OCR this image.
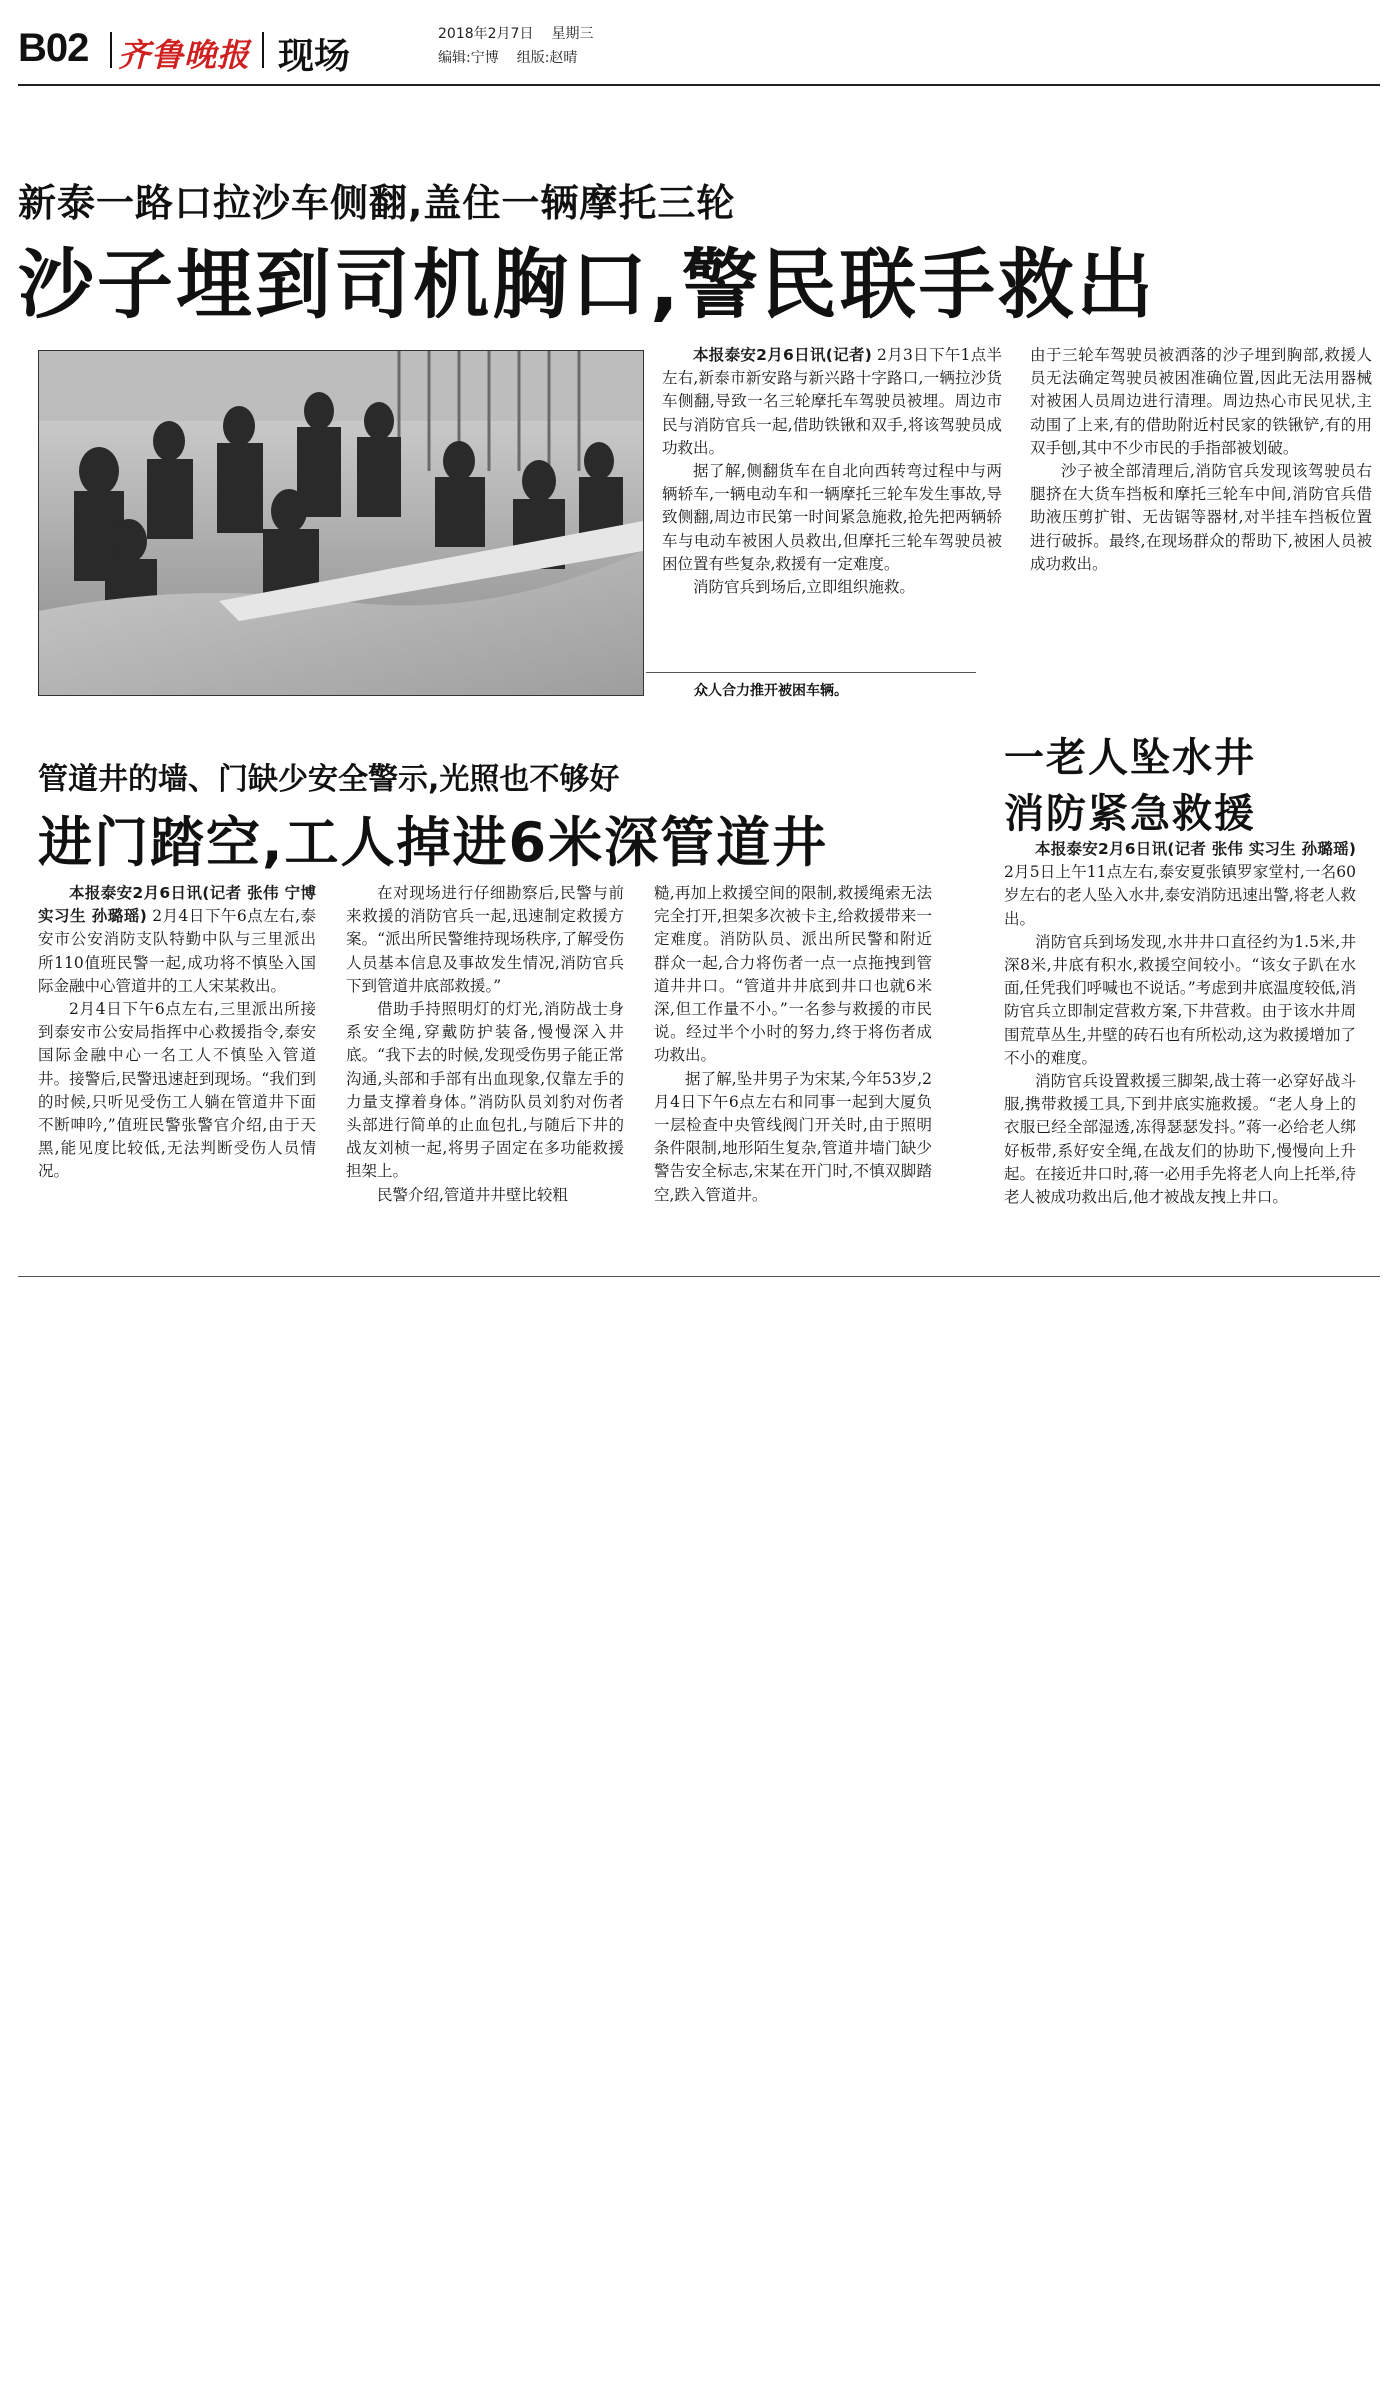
B02 齐鲁晚报 现场
2018年2月7日 星期三
编辑:宁博 组版:赵晴
新泰一路口拉沙车侧翻,盖住一辆摩托三轮
沙子埋到司机胸口,警民联手救出
众人合力推开被困车辆。

本报泰安2月6日讯(记者) 2月3日下午1点半左右,新泰市新安路与新兴路十字路口,一辆拉沙货车侧翻,导致一名三轮摩托车驾驶员被埋。周边市民与消防官兵一起,借助铁锹和双手,将该驾驶员成功救出。

据了解,侧翻货车在自北向西转弯过程中与两辆轿车,一辆电动车和一辆摩托三轮车发生事故,导致侧翻,周边市民第一时间紧急施救,抢先把两辆轿车与电动车被困人员救出,但摩托三轮车驾驶员被困位置有些复杂,救援有一定难度。

消防官兵到场后,立即组织施救。

由于三轮车驾驶员被洒落的沙子埋到胸部,救援人员无法确定驾驶员被困准确位置,因此无法用器械对被困人员周边进行清理。周边热心市民见状,主动围了上来,有的借助附近村民家的铁锹铲,有的用双手刨,其中不少市民的手指部被划破。

沙子被全部清理后,消防官兵发现该驾驶员右腿挤在大货车挡板和摩托三轮车中间,消防官兵借助液压剪扩钳、无齿锯等器材,对半挂车挡板位置进行破拆。最终,在现场群众的帮助下,被困人员被成功救出。

管道井的墙、门缺少安全警示,光照也不够好
进门踏空,工人掉进6米深管道井

本报泰安2月6日讯(记者 张伟 宁博 实习生 孙璐瑶) 2月4日下午6点左右,泰安市公安消防支队特勤中队与三里派出所110值班民警一起,成功将不慎坠入国际金融中心管道井的工人宋某救出。

2月4日下午6点左右,三里派出所接到泰安市公安局指挥中心救援指令,泰安国际金融中心一名工人不慎坠入管道井。接警后,民警迅速赶到现场。“我们到的时候,只听见受伤工人躺在管道井下面不断呻吟,”值班民警张警官介绍,由于天黑,能见度比较低,无法判断受伤人员情况。

在对现场进行仔细勘察后,民警与前来救援的消防官兵一起,迅速制定救援方案。“派出所民警维持现场秩序,了解受伤人员基本信息及事故发生情况,消防官兵下到管道井底部救援。”

借助手持照明灯的灯光,消防战士身系安全绳,穿戴防护装备,慢慢深入井底。“我下去的时候,发现受伤男子能正常沟通,头部和手部有出血现象,仅靠左手的力量支撑着身体。”消防队员刘豹对伤者头部进行简单的止血包扎,与随后下井的战友刘桢一起,将男子固定在多功能救援担架上。

民警介绍,管道井井壁比较粗

糙,再加上救援空间的限制,救援绳索无法完全打开,担架多次被卡主,给救援带来一定难度。消防队员、派出所民警和附近群众一起,合力将伤者一点一点拖拽到管道井井口。“管道井井底到井口也就6米深,但工作量不小。”一名参与救援的市民说。经过半个小时的努力,终于将伤者成功救出。

据了解,坠井男子为宋某,今年53岁,2月4日下午6点左右和同事一起到大厦负一层检查中央管线阀门开关时,由于照明条件限制,地形陌生复杂,管道井墙门缺少警告安全标志,宋某在开门时,不慎双脚踏空,跌入管道井。

一老人坠水井
消防紧急救援

本报泰安2月6日讯(记者 张伟 实习生 孙璐瑶) 2月5日上午11点左右,泰安夏张镇罗家堂村,一名60岁左右的老人坠入水井,泰安消防迅速出警,将老人救出。

消防官兵到场发现,水井井口直径约为1.5米,井深8米,井底有积水,救援空间较小。“该女子趴在水面,任凭我们呼喊也不说话。”考虑到井底温度较低,消防官兵立即制定营救方案,下井营救。由于该水井周围荒草丛生,井壁的砖石也有所松动,这为救援增加了不小的难度。

消防官兵设置救援三脚架,战士蒋一必穿好战斗服,携带救援工具,下到井底实施救援。“老人身上的衣服已经全部湿透,冻得瑟瑟发抖。”蒋一必给老人绑好板带,系好安全绳,在战友们的协助下,慢慢向上升起。在接近井口时,蒋一必用手先将老人向上托举,待老人被成功救出后,他才被战友拽上井口。
